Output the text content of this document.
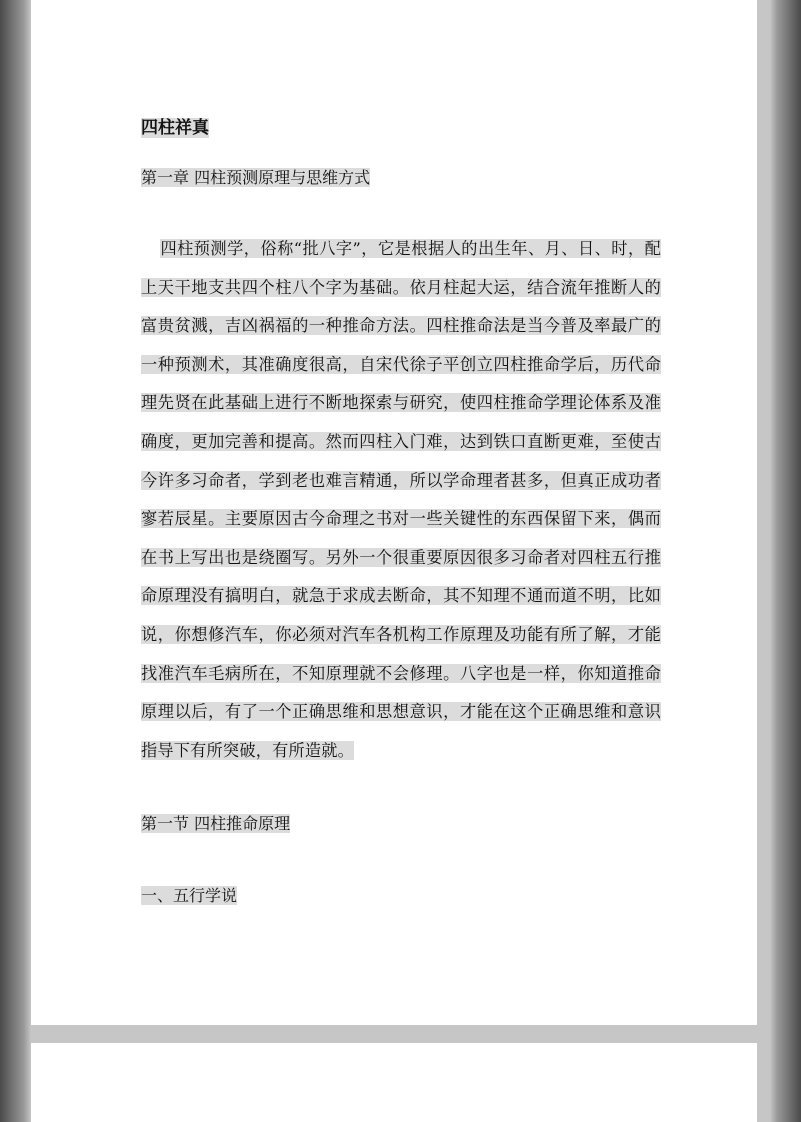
四柱祥真

第一章 四柱预测原理与思维方式

四柱预测学，俗称“批八字”，它是根据人的出生年、月、日、时，配上天干地支共四个柱八个字为基础。依月柱起大运，结合流年推断人的富贵贫溅，吉凶祸福的一种推命方法。四柱推命法是当今普及率最广的一种预测术，其准确度很高，自宋代徐子平创立四柱推命学后，历代命理先贤在此基础上进行不断地探索与研究，使四柱推命学理论体系及准确度，更加完善和提高。然而四柱入门难，达到铁口直断更难，至使古今许多习命者，学到老也难言精通，所以学命理者甚多，但真正成功者寥若辰星。主要原因古今命理之书对一些关键性的东西保留下来，偶而在书上写出也是绕圈写。另外一个很重要原因很多习命者对四柱五行推命原理没有搞明白，就急于求成去断命，其不知理不通而道不明，比如说，你想修汽车，你必须对汽车各机构工作原理及功能有所了解，才能找准汽车毛病所在，不知原理就不会修理。八字也是一样，你知道推命原理以后，有了一个正确思维和思想意识，才能在这个正确思维和意识指导下有所突破，有所造就。

第一节 四柱推命原理

一、五行学说
